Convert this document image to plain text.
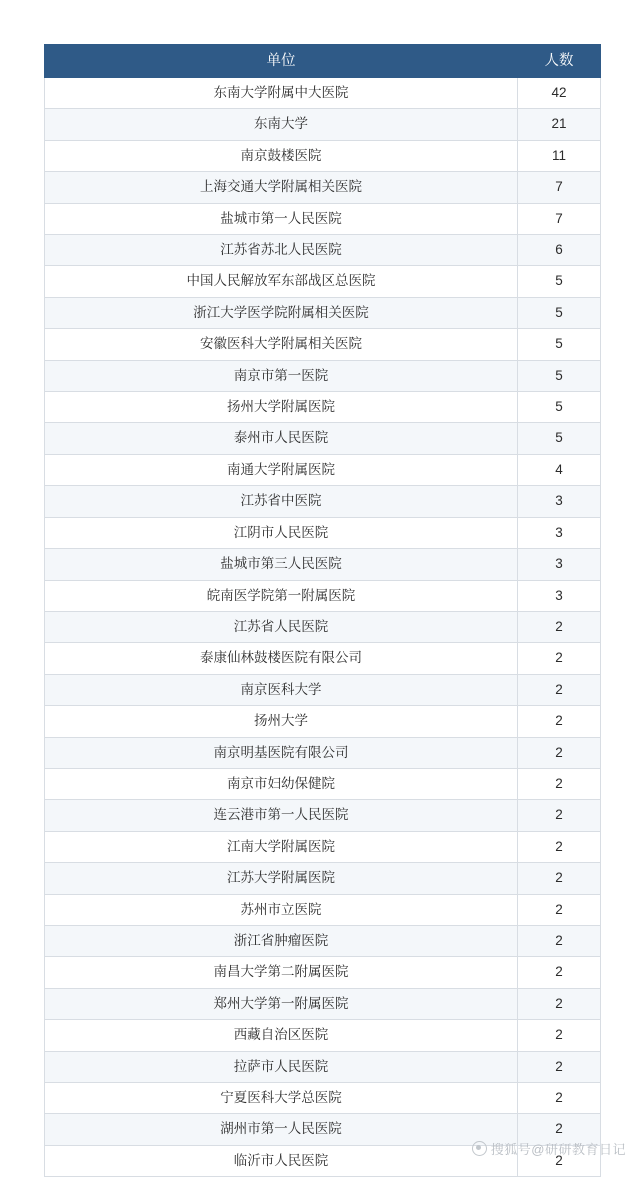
单位	人数
东南大学附属中大医院	42
东南大学	21
南京鼓楼医院	11
上海交通大学附属相关医院	7
盐城市第一人民医院	7
江苏省苏北人民医院	6
中国人民解放军东部战区总医院	5
浙江大学医学院附属相关医院	5
安徽医科大学附属相关医院	5
南京市第一医院	5
扬州大学附属医院	5
泰州市人民医院	5
南通大学附属医院	4
江苏省中医院	3
江阴市人民医院	3
盐城市第三人民医院	3
皖南医学院第一附属医院	3
江苏省人民医院	2
泰康仙林鼓楼医院有限公司	2
南京医科大学	2
扬州大学	2
南京明基医院有限公司	2
南京市妇幼保健院	2
连云港市第一人民医院	2
江南大学附属医院	2
江苏大学附属医院	2
苏州市立医院	2
浙江省肿瘤医院	2
南昌大学第二附属医院	2
郑州大学第一附属医院	2
西藏自治区医院	2
拉萨市人民医院	2
宁夏医科大学总医院	2
湖州市第一人民医院	2
临沂市人民医院	2
搜狐号@研研教育日记
